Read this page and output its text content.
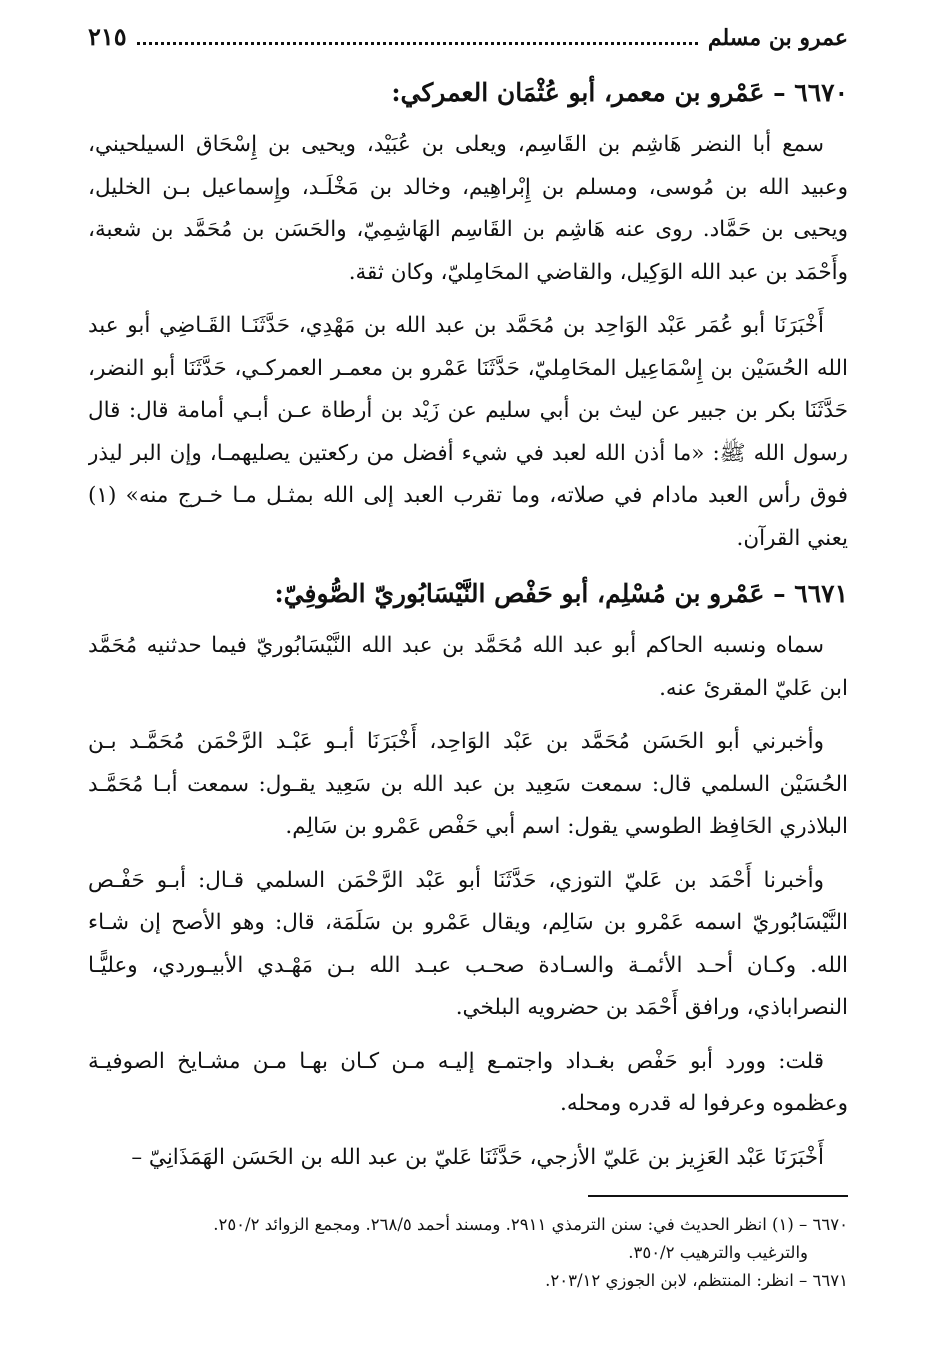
عمرو بن مسلم
٢١٥
٦٦٧٠ – عَمْرو بن معمر، أبو عُثْمَان العمركي:

سمع أبا النضر هَاشِم بن القَاسِم، ويعلى بن عُبَيْد، ويحيى بن إِسْحَاق السيلحيني، وعبيد الله بن مُوسى، ومسلم بن إِبْراهِيم، وخالد بن مَخْلَـد، وإِسماعيل بـن الخليل، ويحيى بن حَمَّاد. روى عنه هَاشِم بن القَاسِم الهَاشِمِيّ، والحَسَن بن مُحَمَّد بن شعبة، وأَحْمَد بن عبد الله الوَكِيل، والقاضي المحَامِليّ، وكان ثقة.

أَخْبَرَنَا أبو عُمَر عَبْد الوَاحِد بن مُحَمَّد بن عبد الله بن مَهْدِي، حَدَّثَنَـا القَـاضِي أبو عبد الله الحُسَيْن بن إِسْمَاعِيل المحَامِليّ، حَدَّثَنَا عَمْرو بن معمـر العمركـي، حَدَّثَنَا أبو النضر، حَدَّثَنَا بكر بن جبير عن ليث بن أبي سليم عن زَيْد بن أرطاة عـن أبـي أمامة قال: قال رسول الله ﷺ: «ما أذن الله لعبد في شيء أفضل من ركعتين يصليهمـا، وإن البر ليذر فوق رأس العبد مادام في صلاته، وما تقرب العبد إلى الله بمثـل مـا خـرج منه» (١) يعني القرآن.

٦٦٧١ – عَمْرو بن مُسْلِم، أبو حَفْص النَّيْسَابُوريّ الصُّوفِيّ:

سماه ونسبه الحاكم أبو عبد الله مُحَمَّد بن عبد الله النَّيْسَابُوريّ فيما حدثنيه مُحَمَّد ابن عَليّ المقرئ عنه.

وأخبرني أبو الحَسَن مُحَمَّد بن عَبْد الوَاحِد، أَخْبَرَنَا أبـو عَبْـد الرَّحْمَن مُحَمَّـد بـن الحُسَيْن السلمي قال: سمعت سَعِيد بن عبد الله بن سَعِيد يقـول: سمعت أبـا مُحَمَّـد البلاذري الحَافِظ الطوسي يقول: اسم أبي حَفْص عَمْرو بن سَالِم.

وأخبرنا أَحْمَد بن عَليّ التوزي، حَدَّثَنَا أبو عَبْد الرَّحْمَن السلمي قـال: أبـو حَفْـص النَّيْسَابُوريّ اسمه عَمْرو بن سَالِم، ويقال عَمْرو بن سَلَمَة، قال: وهو الأصح إن شـاء الله. وكـان أحـد الأئمـة والسـادة صحـب عبـد الله بـن مَهْـدي الأبيـوردي، وعليًّـا النصراباذي، ورافق أَحْمَد بن حضرويه البلخي.

قلت: وورد أبو حَفْص بغـداد واجتمـع إليـه مـن كـان بهـا مـن مشـايخ الصوفيـة وعظموه وعرفوا له قدره ومحله.

أَخْبَرَنَا عَبْد العَزِيز بن عَليّ الأزجي، حَدَّثَنَا عَليّ بن عبد الله بن الحَسَن الهَمَذَانِيّ –

٦٦٧٠ – (١) انظر الحديث في: سنن الترمذي ٢٩١١. ومسند أحمد ٢٦٨/٥. ومجمع الزوائد ٢٥٠/٢.
والترغيب والترهيب ٣٥٠/٢.

٦٦٧١ – انظر: المنتظم، لابن الجوزي ٢٠٣/١٢.
